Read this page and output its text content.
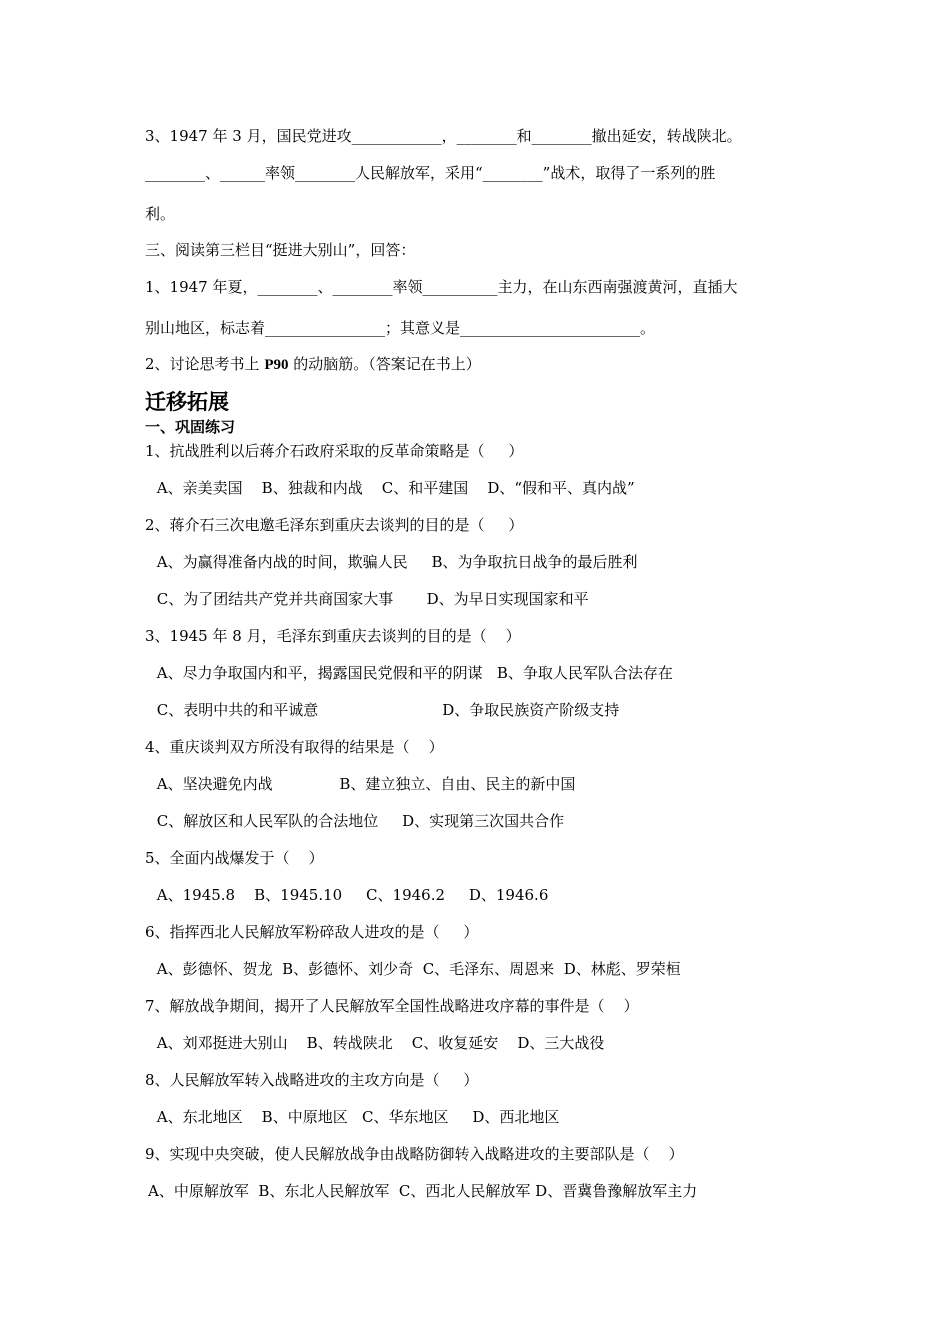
3、1947 年 3 月，国民党进攻____________，________和________撤出延安，转战陕北。
________、______率领________人民解放军，采用“________”战术，取得了一系列的胜
利。
三、阅读第三栏目“挺进大别山”，回答：
1、1947 年夏，________、________率领__________主力，在山东西南强渡黄河，直插大
别山地区，标志着________________；其意义是________________________。
2、讨论思考书上 P90 的动脑筋。（答案记在书上）
迁移拓展
一、巩固练习
1、抗战胜利以后蒋介石政府采取的反革命策略是（     ）
A、亲美卖国    B、独裁和内战    C、和平建国    D、“假和平、真内战”
2、蒋介石三次电邀毛泽东到重庆去谈判的目的是（     ）
A、为赢得准备内战的时间，欺骗人民     B、为争取抗日战争的最后胜利
C、为了团结共产党并共商国家大事       D、为早日实现国家和平
3、1945 年 8 月，毛泽东到重庆去谈判的目的是（    ）
A、尽力争取国内和平，揭露国民党假和平的阴谋   B、争取人民军队合法存在
C、表明中共的和平诚意                          D、争取民族资产阶级支持
4、重庆谈判双方所没有取得的结果是（    ）
A、坚决避免内战              B、建立独立、自由、民主的新中国
C、解放区和人民军队的合法地位     D、实现第三次国共合作
5、全面内战爆发于（    ）
A、1945.8    B、1945.10     C、1946.2     D、1946.6
6、指挥西北人民解放军粉碎敌人进攻的是（     ）
A、彭德怀、贺龙  B、彭德怀、刘少奇  C、毛泽东、周恩来  D、林彪、罗荣桓
7、解放战争期间，揭开了人民解放军全国性战略进攻序幕的事件是（    ）
A、刘邓挺进大别山    B、转战陕北    C、收复延安    D、三大战役
8、人民解放军转入战略进攻的主攻方向是（     ）
A、东北地区    B、中原地区   C、华东地区     D、西北地区
9、实现中央突破，使人民解放战争由战略防御转入战略进攻的主要部队是（    ）
A、中原解放军  B、东北人民解放军  C、西北人民解放军 D、晋冀鲁豫解放军主力
